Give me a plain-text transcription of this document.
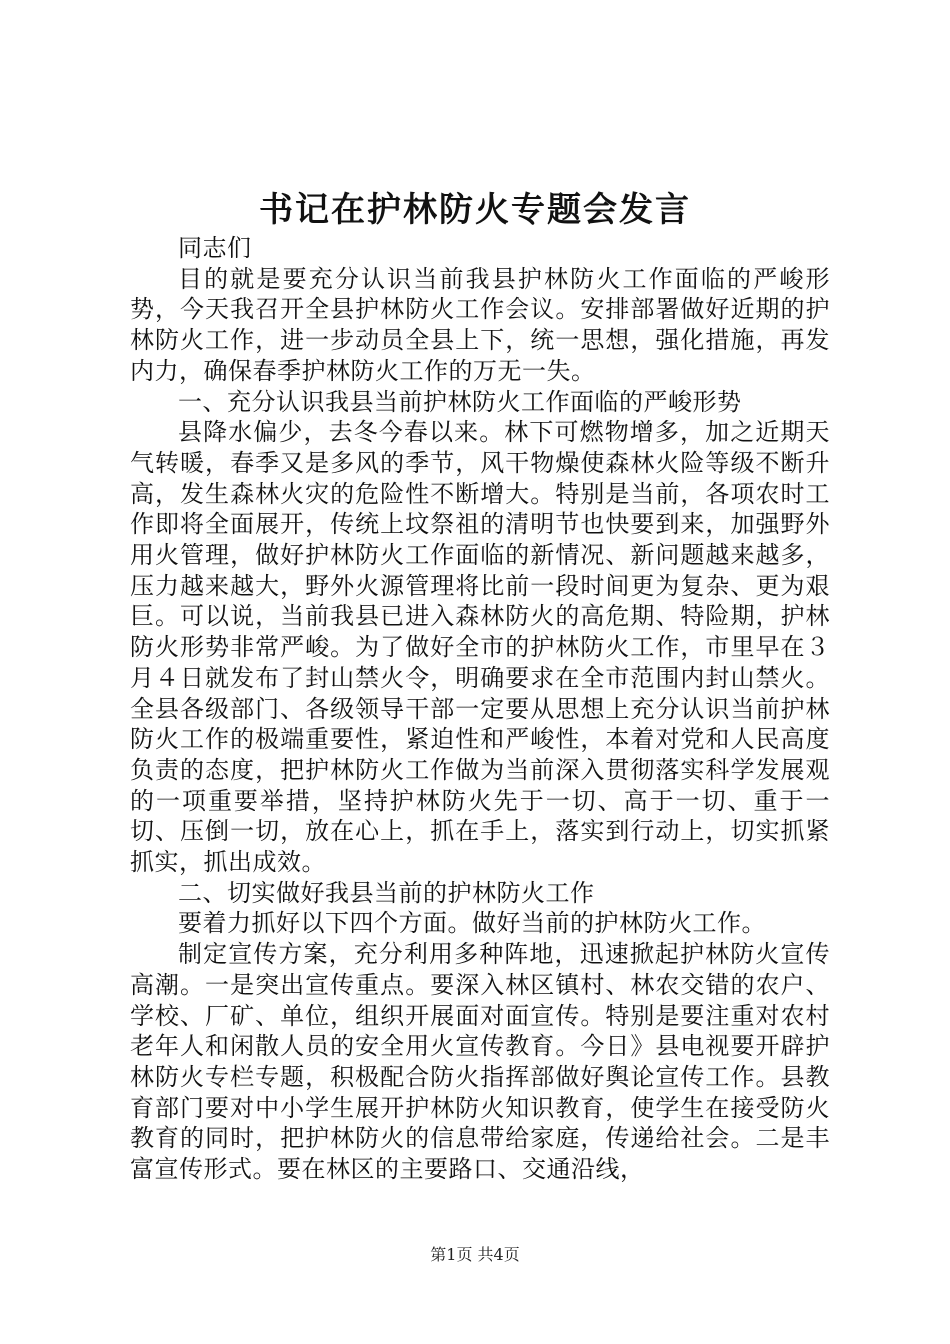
书记在护林防火专题会发言

同志们

目的就是要充分认识当前我县护林防火工作面临的严峻形势，今天我召开全县护林防火工作会议。安排部署做好近期的护林防火工作，进一步动员全县上下，统一思想，强化措施，再发内力，确保春季护林防火工作的万无一失。

一、充分认识我县当前护林防火工作面临的严峻形势

县降水偏少，去冬今春以来。林下可燃物增多，加之近期天气转暖，春季又是多风的季节，风干物燥使森林火险等级不断升高，发生森林火灾的危险性不断增大。特别是当前，各项农时工作即将全面展开，传统上坟祭祖的清明节也快要到来，加强野外用火管理，做好护林防火工作面临的新情况、新问题越来越多，压力越来越大，野外火源管理将比前一段时间更为复杂、更为艰巨。可以说，当前我县已进入森林防火的高危期、特险期，护林防火形势非常严峻。为了做好全市的护林防火工作，市里早在３月４日就发布了封山禁火令，明确要求在全市范围内封山禁火。全县各级部门、各级领导干部一定要从思想上充分认识当前护林防火工作的极端重要性，紧迫性和严峻性，本着对党和人民高度负责的态度，把护林防火工作做为当前深入贯彻落实科学发展观的一项重要举措，坚持护林防火先于一切、高于一切、重于一切、压倒一切，放在心上，抓在手上，落实到行动上，切实抓紧抓实，抓出成效。

二、切实做好我县当前的护林防火工作

要着力抓好以下四个方面。做好当前的护林防火工作。

制定宣传方案，充分利用多种阵地，迅速掀起护林防火宣传高潮。一是突出宣传重点。要深入林区镇村、林农交错的农户、学校、厂矿、单位，组织开展面对面宣传。特别是要注重对农村老年人和闲散人员的安全用火宣传教育。今日》县电视要开辟护林防火专栏专题，积极配合防火指挥部做好舆论宣传工作。县教育部门要对中小学生展开护林防火知识教育，使学生在接受防火教育的同时，把护林防火的信息带给家庭，传递给社会。二是丰富宣传形式。要在林区的主要路口、交通沿线，

第1页 共4页
